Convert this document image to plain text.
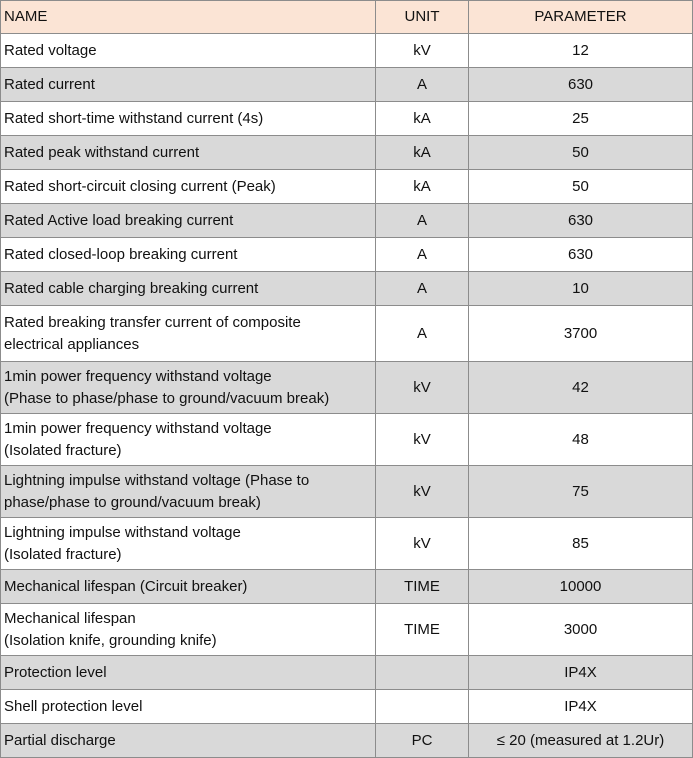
NAME	UNIT	PARAMETER

Rated voltage	kV	12

Rated current	A	630

Rated short-time withstand current (4s)	kA	25

Rated peak withstand current	kA	50

Rated short-circuit closing current (Peak)	kA	50

Rated Active load breaking current	A	630

Rated closed-loop breaking current	A	630

Rated cable charging breaking current	A	10

Rated breaking transfer current of composite
electrical appliances	A	3700

1min power frequency withstand voltage
(Phase to phase/phase to ground/vacuum break)	kV	42

1min power frequency withstand voltage
(Isolated fracture)	kV	48

Lightning impulse withstand voltage (Phase to
phase/phase to ground/vacuum break)	kV	75

Lightning impulse withstand voltage
(Isolated fracture)	kV	85

Mechanical lifespan (Circuit breaker)	TIME	10000

Mechanical lifespan
(Isolation knife, grounding knife)	TIME	3000

Protection level		IP4X

Shell protection level		IP4X

Partial discharge	PC	≤ 20 (measured at 1.2Ur)
